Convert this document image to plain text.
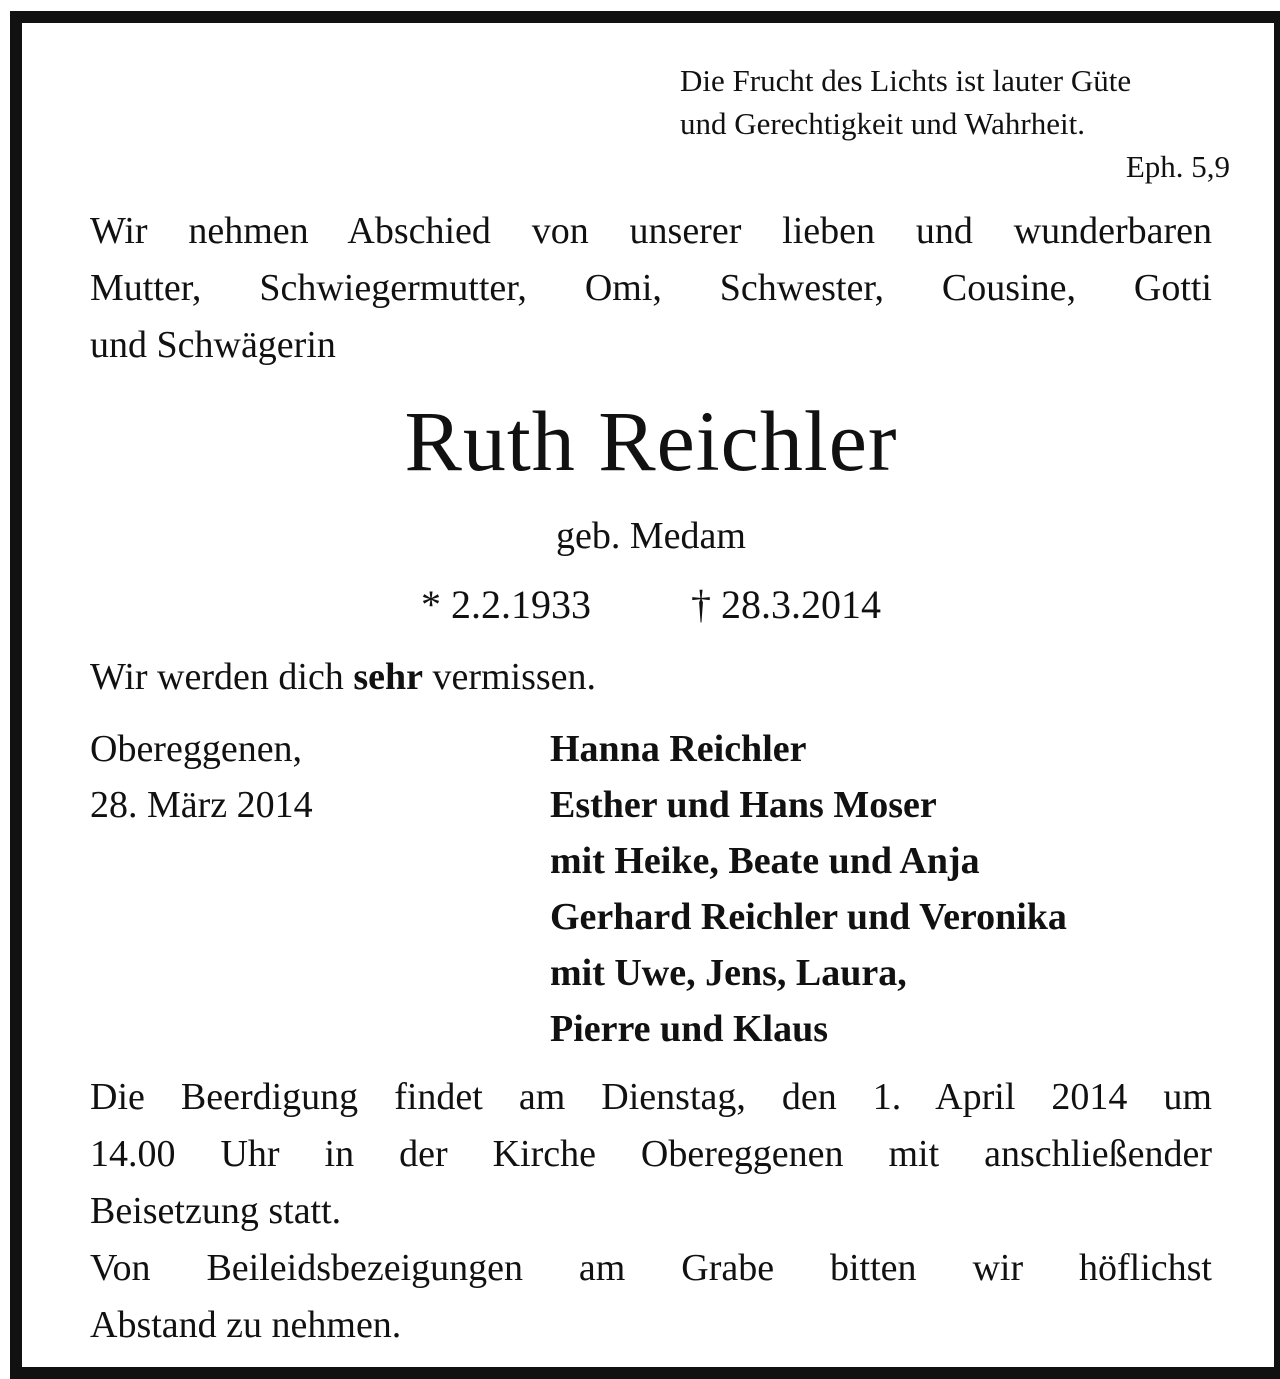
Die Frucht des Lichts ist lauter Güte
und Gerechtigkeit und Wahrheit.
Eph. 5,9
Wir nehmen Abschied von unserer lieben und wunderbaren
Mutter, Schwiegermutter, Omi, Schwester, Cousine, Gotti
und Schwägerin
Ruth Reichler
geb. Medam
* 2.2.1933	† 28.3.2014
Wir werden dich sehr vermissen.
Obereggenen,
28. März 2014
Hanna Reichler
Esther und Hans Moser
mit Heike, Beate und Anja
Gerhard Reichler und Veronika
mit Uwe, Jens, Laura,
Pierre und Klaus
Die Beerdigung findet am Dienstag, den 1. April 2014 um
14.00 Uhr in der Kirche Obereggenen mit anschließender
Beisetzung statt.
Von Beileidsbezeigungen am Grabe bitten wir höflichst
Abstand zu nehmen.
